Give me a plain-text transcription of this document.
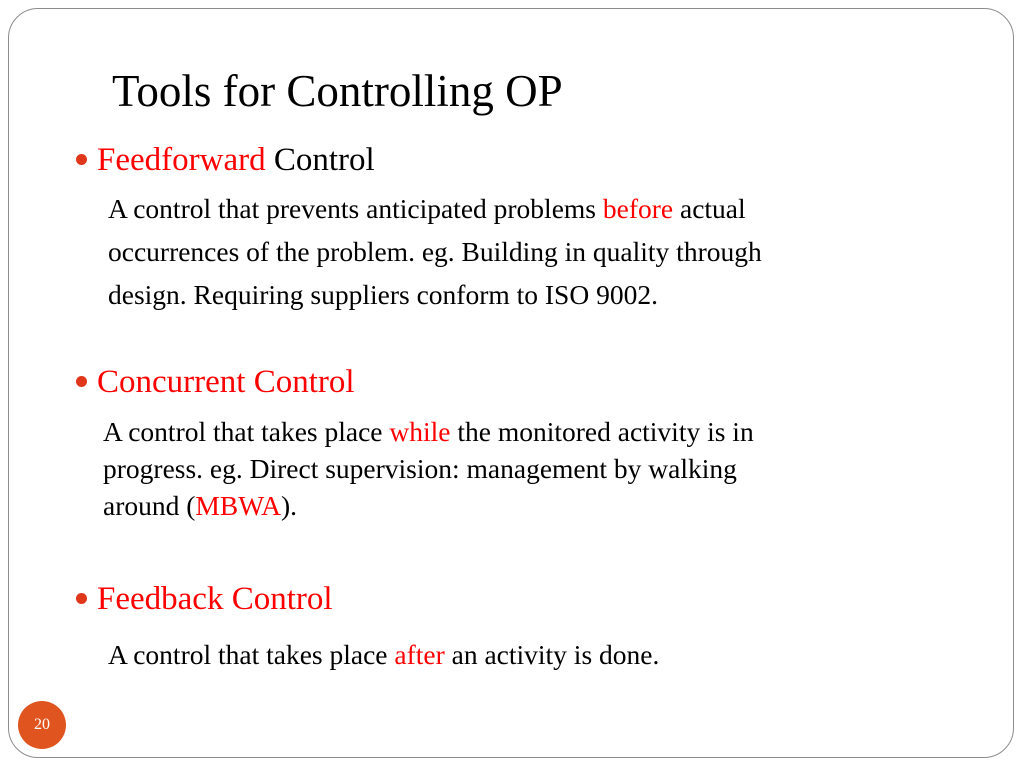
Tools for Controlling OP
Feedforward Control
A control that prevents anticipated problems before actual
occurrences of the problem. eg. Building in quality through
design. Requiring suppliers conform to ISO 9002.
Concurrent Control
A control that takes place while the monitored activity is in
progress. eg. Direct supervision: management by walking
around (MBWA).
Feedback Control
A control that takes place after an activity is done.
20
